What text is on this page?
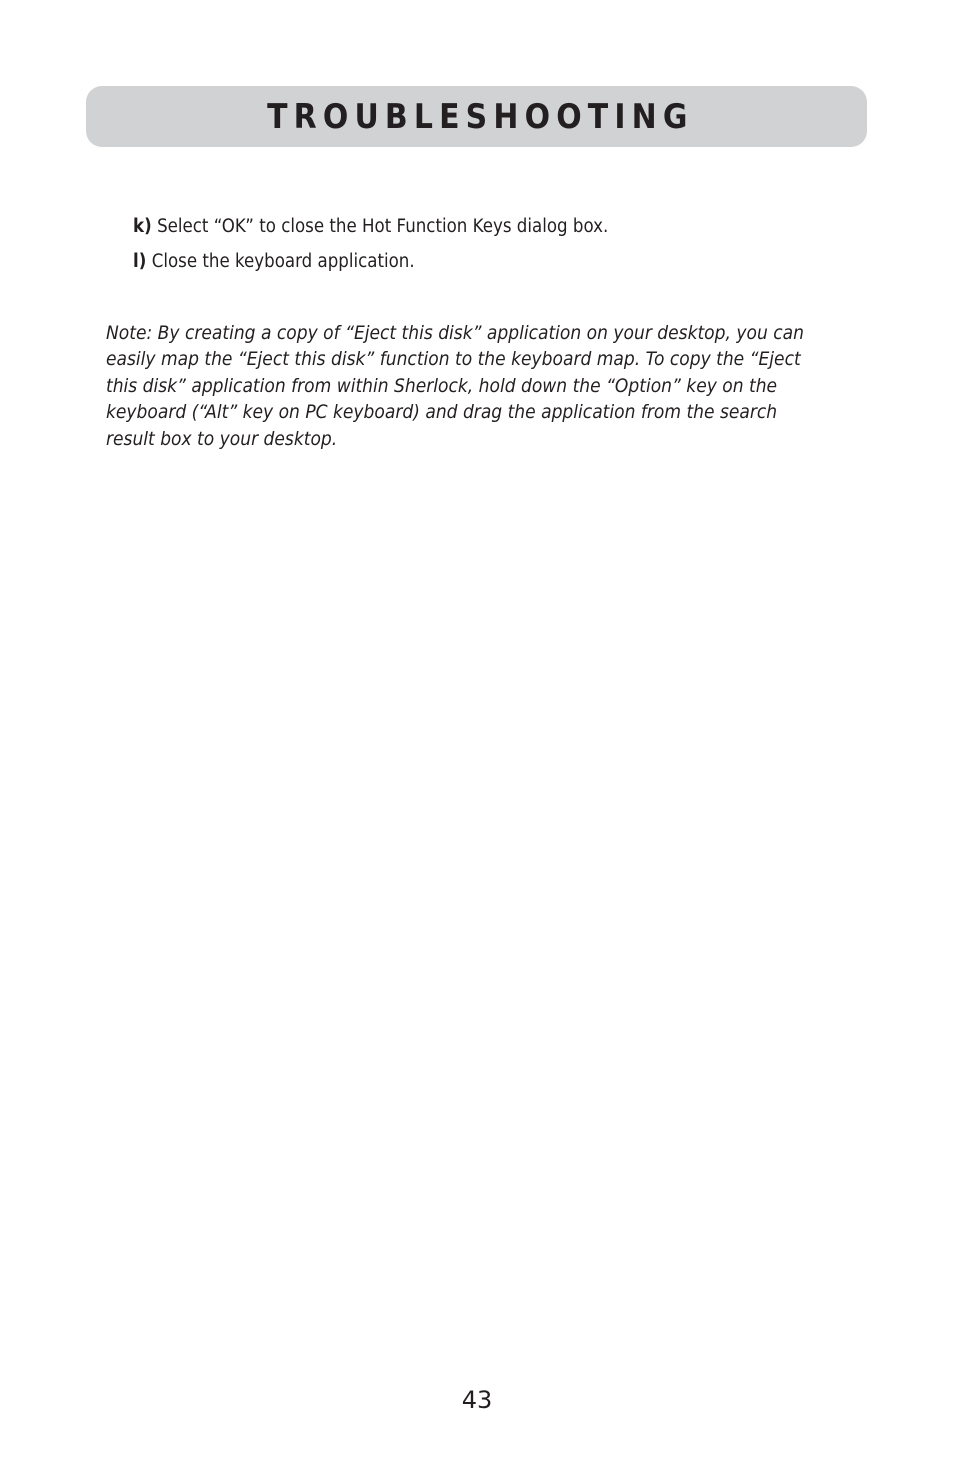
TROUBLESHOOTING
k) Select “OK” to close the Hot Function Keys dialog box.
l) Close the keyboard application.
Note: By creating a copy of “Eject this disk” application on your desktop, you can
easily map the “Eject this disk” function to the keyboard map. To copy the “Eject
this disk” application from within Sherlock, hold down the “Option” key on the
keyboard (“Alt” key on PC keyboard) and drag the application from the search
result box to your desktop.
43
